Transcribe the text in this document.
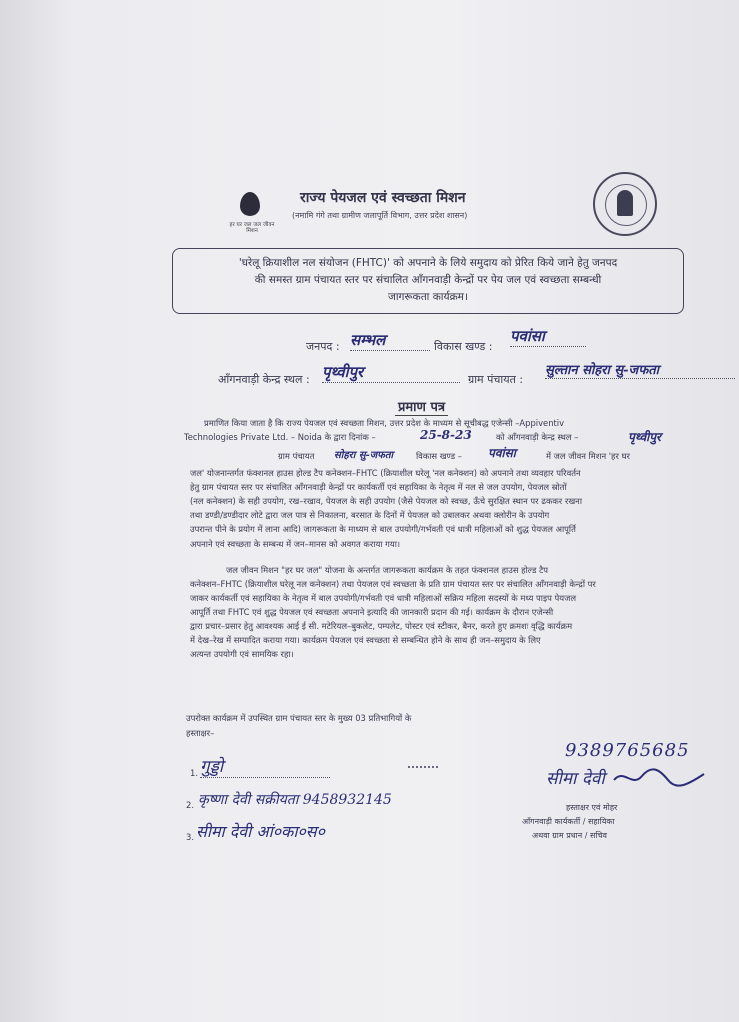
हर घर जल जल जीवन मिशन
राज्य पेयजल एवं स्वच्छता मिशन
(नमामि गंगे तथा ग्रामीण जलापूर्ति विभाग, उत्तर प्रदेश शासन)
'घरेलू क्रियाशील नल संयोजन (FHTC)' को अपनाने के लिये समुदाय को प्रेरित किये जाने हेतु जनपद
की समस्त ग्राम पंचायत स्तर पर संचालित आँगनवाड़ी केन्द्रों पर पेय जल एवं स्वच्छता सम्बन्धी
जागरूकता कार्यक्रम।
जनपद : सम्भल	विकास खण्ड :
पवांसा
आँगनवाड़ी केन्द्र स्थल : पृथ्वीपुर	ग्राम पंचायत :
सुल्तान सोहरा सु-जफता
प्रमाण पत्र
प्रमाणित किया जाता है कि राज्य पेयजल एवं स्वच्छता मिशन, उत्तर प्रदेश के माध्यम से सूचीबद्ध एजेन्सी –Appiventiv
Technologies Private Ltd. – Noida के द्वारा दिनांक –	25-8-23	को आँगनवाड़ी केन्द्र स्थल –	पृथ्वीपुर
ग्राम पंचायत सोहरा सु-जफता	विकास खण्ड – पवांसा	में जल जीवन मिशन 'हर घर
जल' योजनान्तर्गत फंक्शनल हाउस होल्ड टैप कनेक्शन–FHTC (क्रियाशील घरेलू 'नल कनेक्शन) को अपनाने तथा व्यवहार परिवर्तन
हेतु ग्राम पंचायत स्तर पर संचालित आँगनवाड़ी केन्द्रों पर कार्यकर्ती एवं सहायिका के नेतृत्व में नल से जल उपयोग, पेयजल स्रोतों
(नल कनेक्शन) के सही उपयोग, रख–रखाव, पेयजल के सही उपयोग (जैसे पेयजल को स्वच्छ, ऊँचे सुरक्षित स्थान पर ढककर रखना
तथा डण्डी/डण्डीदार लोटे द्वारा जल पात्र से निकालना, बरसात के दिनों में पेयजल को उबालकर अथवा क्लोरीन के उपयोग
उपरान्त पीने के प्रयोग में लाना आदि) जागरूकता के माध्यम से बाल उपयोगी/गर्भवती एवं धात्री महिलाओं को शुद्ध पेयजल आपूर्ति
अपनाने एवं स्वच्छता के सम्बन्ध में जन–मानस को अवगत कराया गया।
जल जीवन मिशन "हर घर जल" योजना के अन्तर्गत जागरूकता कार्यक्रम के तहत फंक्शनल हाउस होल्ड टैप
कनेक्शन–FHTC (क्रियाशील घरेलू नल कनेक्शन) तथा पेयजल एवं स्वच्छता के प्रति ग्राम पंचायत स्तर पर संचालित आँगनवाड़ी केन्द्रों पर
जाकर कार्यकर्ती एवं सहायिका के नेतृत्व में बाल उपयोगी/गर्भवती एवं धात्री महिलाओं सक्रिय महिला सदस्यों के मध्य पाइप पेयजल
आपूर्ति तथा FHTC एवं शुद्ध पेयजल एवं स्वच्छता अपनाने इत्यादि की जानकारी प्रदान की गई। कार्यक्रम के दौरान एजेन्सी
द्वारा प्रचार–प्रसार हेतु आवश्यक आई ई सी. मटेरियल–बुकलेट, पम्पलेट, पोस्टर एवं स्टीकर, बैनर, करते हुए क्रमशः वृद्धि कार्यक्रम
में देख–रेख में सम्पादित कराया गया। कार्यक्रम पेयजल एवं स्वच्छता से सम्बन्धित होने के साथ ही जन–समुदाय के लिए
अत्यन्त उपयोगी एवं सामयिक रहा।
उपरोक्त कार्यक्रम में उपस्थित ग्राम पंचायत स्तर के मुख्य 03 प्रतिभागियों के
हस्ताक्षर–
1. गुड्डो
2. कृष्णा देवी सक्रीयता 9458932145
3. सीमा देवी आं०का०स०
9389765685
सीमा देवी
हस्ताक्षर एवं मोहर
आँगनवाड़ी कार्यकर्ती / सहायिका
अथवा ग्राम प्रधान / सचिव
